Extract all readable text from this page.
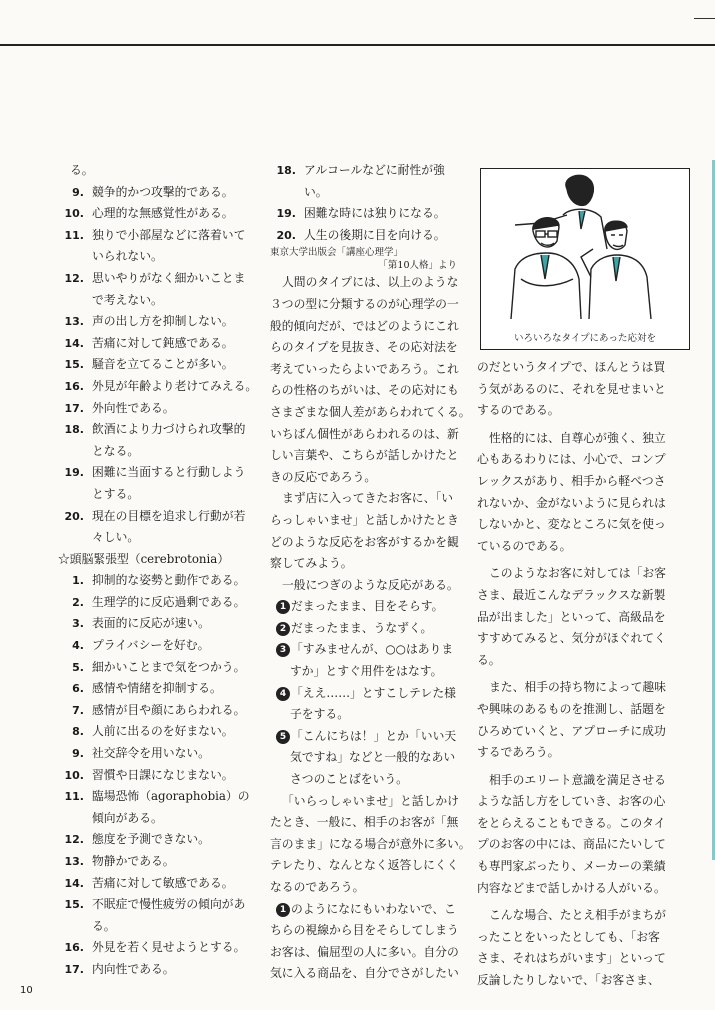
る。
9. 競争的かつ攻撃的である。
10. 心理的な無感覚性がある。
11. 独りで小部屋などに落着いて
いられない。
12. 思いやりがなく細かいことま
で考えない。
13. 声の出し方を抑制しない。
14. 苦痛に対して鈍感である。
15. 騒音を立てることが多い。
16. 外見が年齢より老けてみえる。
17. 外向性である。
18. 飲酒により力づけられ攻撃的
となる。
19. 困難に当面すると行動しよう
とする。
20. 現在の目標を追求し行動が若
々しい。
☆頭脳緊張型（cerebrotonia）
1. 抑制的な姿勢と動作である。
2. 生理学的に反応過剰である。
3. 表面的に反応が速い。
4. プライバシーを好む。
5. 細かいことまで気をつかう。
6. 感情や情緒を抑制する。
7. 感情が目や顔にあらわれる。
8. 人前に出るのを好まない。
9. 社交辞令を用いない。
10. 習慣や日課になじまない。
11. 臨場恐怖（agoraphobia）の
傾向がある。
12. 態度を予測できない。
13. 物静かである。
14. 苦痛に対して敏感である。
15. 不眠症で慢性疲労の傾向がある。
16. 外見を若く見せようとする。
17. 内向性である。
18. アルコールなどに耐性が強い。
19. 困難な時には独りになる。
20. 人生の後期に目を向ける。
東京大学出版会「講座心理学」
「第10人格」より
人間のタイプには、以上のような
３つの型に分類するのが心理学の一
般的傾向だが、ではどのようにこれ
らのタイプを見抜き、その応対法を
考えていったらよいであろう。これ
らの性格のちがいは、その応対にも
さまざまな個人差があらわれてくる。
いちばん個性があらわれるのは、新
しい言葉や、こちらが話しかけたと
きの反応であろう。
まず店に入ってきたお客に、「い
らっしゃいませ」と話しかけたとき
どのような反応をお客がするかを観
察してみよう。
一般につぎのような反応がある。
1 だまったまま、目をそらす。
2 だまったまま、うなずく。
3 「すみませんが、○○はありま
すか」とすぐ用件をはなす。
4 「ええ……」とすこしテレた様
子をする。
5 「こんにちは！」とか「いい天
気ですね」などと一般的なあい
さつのことばをいう。
「いらっしゃいませ」と話しかけ
たとき、一般に、相手のお客が「無
言のまま」になる場合が意外に多い。
テレたり、なんとなく返答しにくく
なるのであろう。
1 のようになにもいわないで、こ
ちらの視線から目をそらしてしまう
お客は、偏屈型の人に多い。自分の
気に入る商品を、自分でさがしたい
いろいろなタイプにあった応対を
のだというタイプで、ほんとうは買
う気があるのに、それを見せまいと
するのである。
性格的には、自尊心が強く、独立
心もあるわりには、小心で、コンプ
レックスがあり、相手から軽べつさ
れないか、金がないように見られは
しないかと、変なところに気を使っ
ているのである。
このようなお客に対しては「お客
さま、最近こんなデラックスな新製
品が出ました」といって、高級品を
すすめてみると、気分がほぐれてく
る。
また、相手の持ち物によって趣味
や興味のあるものを推測し、話題を
ひろめていくと、アプローチに成功
するであろう。
相手のエリート意識を満足させる
ような話し方をしていき、お客の心
をとらえることもできる。このタイ
プのお客の中には、商品にたいして
も専門家ぶったり、メーカーの業績
内容などまで話しかける人がいる。
こんな場合、たとえ相手がまちが
ったことをいったとしても、「お客
さま、それはちがいます」といって
反論したりしないで、「お客さま、
10
